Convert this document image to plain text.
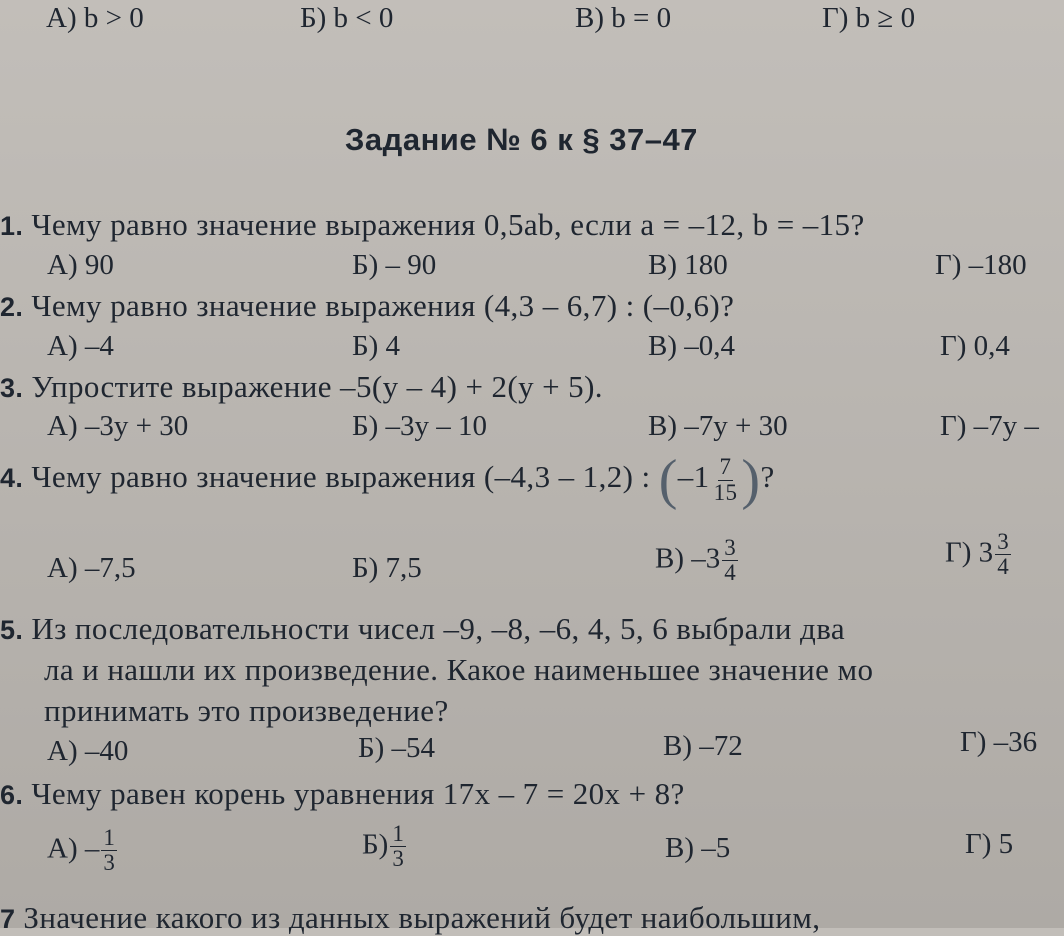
А) b > 0	Б) b < 0	В) b = 0	Г) b ≥ 0
Задание № 6 к § 37–47
1. Чему равно значение выражения 0,5ab, если a = –12, b = –15?
А) 90	Б) – 90	В) 180	Г) –180
2. Чему равно значение выражения (4,3 – 6,7) : (–0,6)?
А) –4	Б) 4	В) –0,4	Г) 0,4
3. Упростите выражение –5(y – 4) + 2(y + 5).
А) –3y + 30	Б) –3y – 10	В) –7y + 30	Г) –7y –
4. Чему равно значение выражения (–4,3 – 1,2) : ($-1 \frac{7}{15}$ )?
А) –7,5	Б) 7,5	В) $-3 \frac{3}{4}$	Г) $3 \frac{3}{4}$
5. Из последовательности чисел –9, –8, –6, 4, 5, 6 выбрали два
ла и нашли их произведение. Какое наименьшее значение мо
принимать это произведение?
А) –40	Б) –54	В) –72	Г) –36
6. Чему равен корень уравнения 17x – 7 = 20x + 8?
$А) - \frac{1}{3}$	$Б) \frac{1}{3}$	В) –5	Г) 5
7 Значение какого из данных выражений будет наибольшим,
